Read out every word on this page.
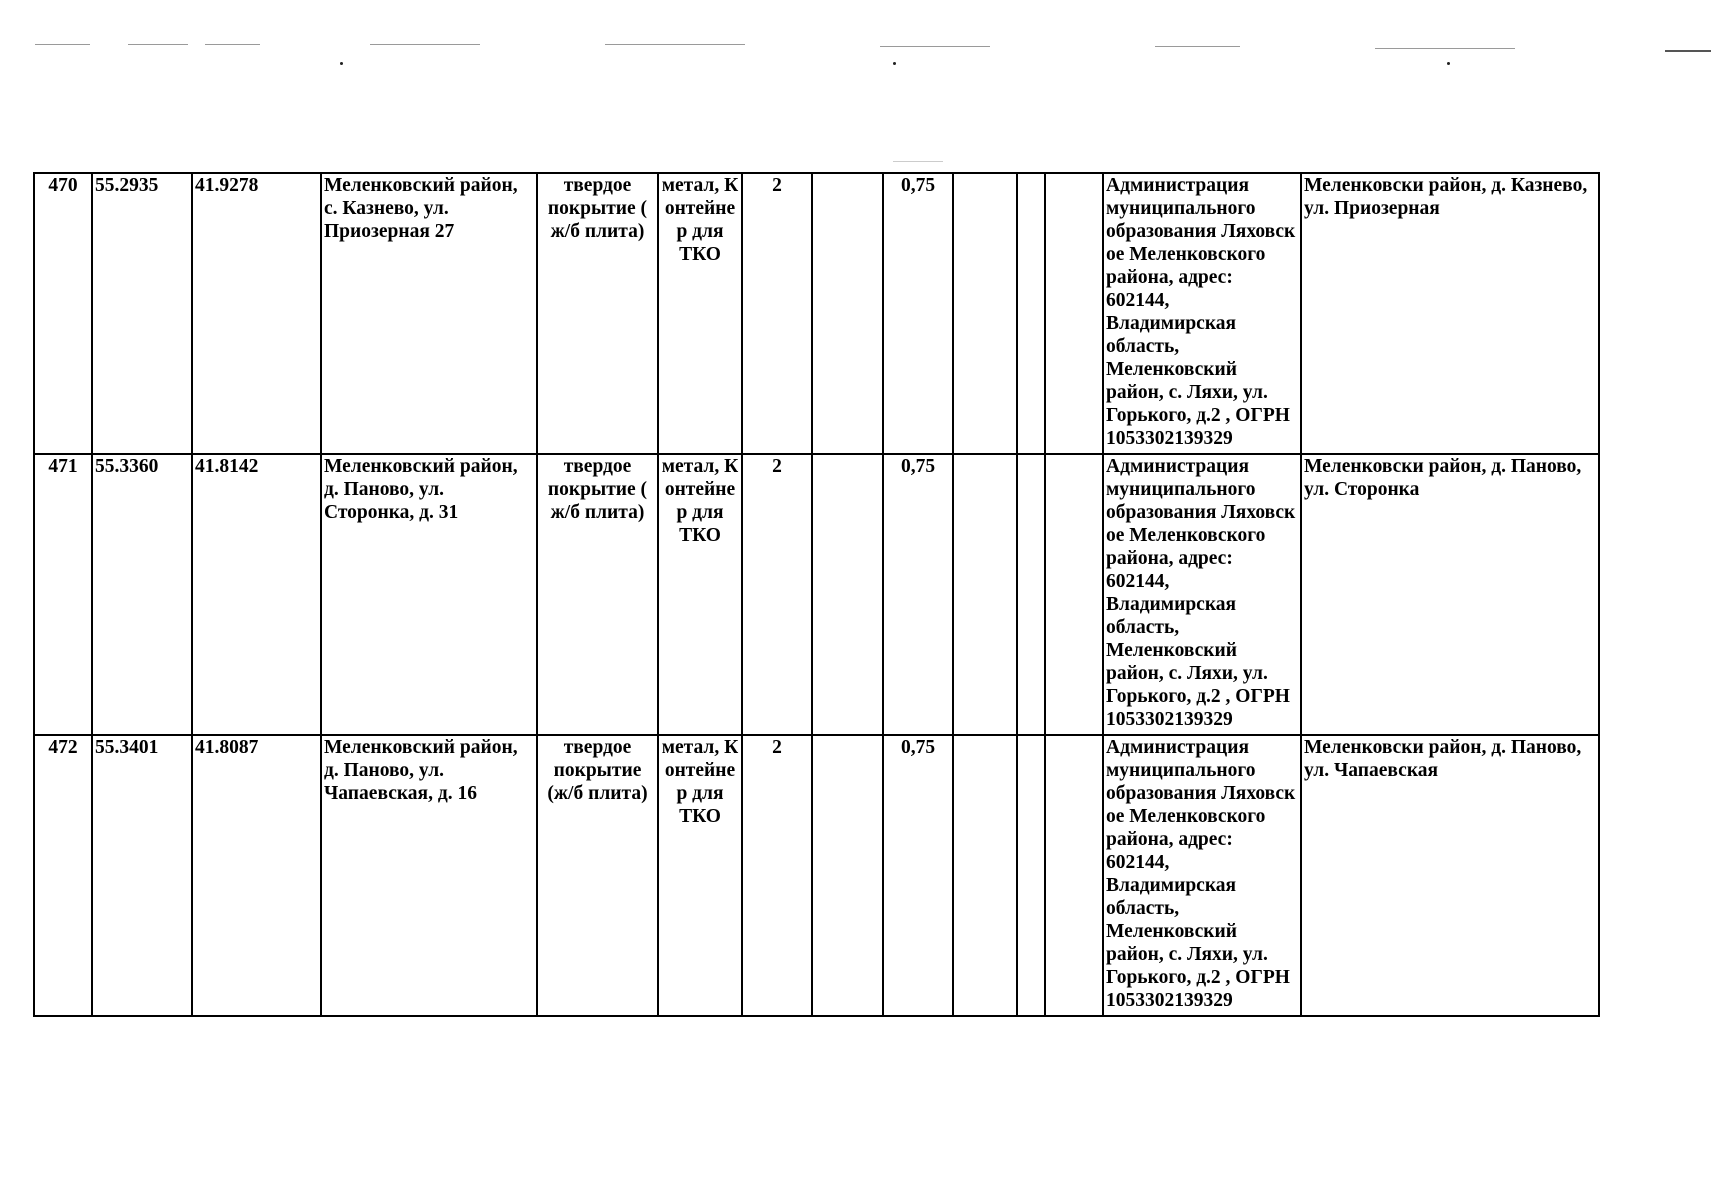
470	55.2935	41.9278	Меленковский район, с. Казнево, ул. Приозерная 27	твердое покрытие ( ж/б плита)	метал, К онтейне р для ТКО	2		0,75				Администрация муниципального образования Ляховск ое Меленковского района, адрес: 602144, Владимирская область, Меленковский район, с. Ляхи, ул. Горького, д.2 , ОГРН 1053302139329	Меленковски район, д. Казнево, ул. Приозерная
471	55.3360	41.8142	Меленковский район, д. Паново, ул. Сторонка, д. 31	твердое покрытие ( ж/б плита)	метал, К онтейне р для ТКО	2		0,75				Администрация муниципального образования Ляховск ое Меленковского района, адрес: 602144, Владимирская область, Меленковский район, с. Ляхи, ул. Горького, д.2 , ОГРН 1053302139329	Меленковски район, д. Паново, ул. Сторонка
472	55.3401	41.8087	Меленковский район, д. Паново, ул. Чапаевская, д. 16	твердое покрытие (ж/б плита)	метал, К онтейне р для ТКО	2		0,75				Администрация муниципального образования Ляховск ое Меленковского района, адрес: 602144, Владимирская область, Меленковский район, с. Ляхи, ул. Горького, д.2 , ОГРН 1053302139329	Меленковски район, д. Паново, ул. Чапаевская
